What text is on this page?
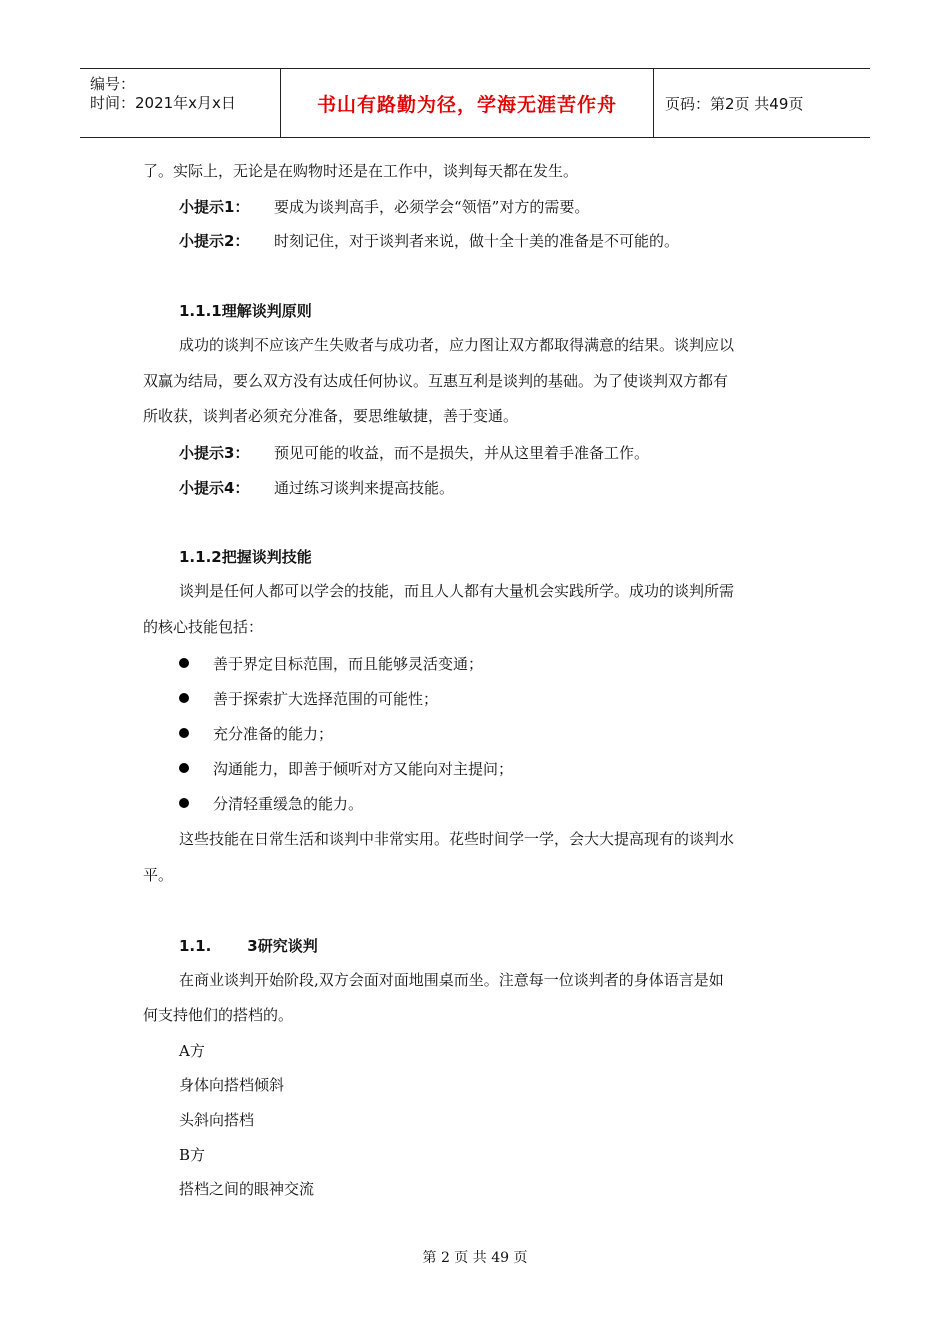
编号：
时间：2021年x月x日	书山有路勤为径，学海无涯苦作舟	页码：第2页 共49页
了。实际上，无论是在购物时还是在工作中，谈判每天都在发生。
小提示1： 要成为谈判高手，必须学会“领悟”对方的需要。
小提示2： 时刻记住，对于谈判者来说，做十全十美的准备是不可能的。
1.1.1理解谈判原则
成功的谈判不应该产生失败者与成功者，应力图让双方都取得满意的结果。谈判应以
双赢为结局，要么双方没有达成任何协议。互惠互利是谈判的基础。为了使谈判双方都有
所收获，谈判者必须充分准备，要思维敏捷，善于变通。
小提示3： 预见可能的收益，而不是损失，并从这里着手准备工作。
小提示4： 通过练习谈判来提高技能。
1.1.2把握谈判技能
谈判是任何人都可以学会的技能，而且人人都有大量机会实践所学。成功的谈判所需
的核心技能包括：
善于界定目标范围，而且能够灵活变通；
善于探索扩大选择范围的可能性；
充分准备的能力；
沟通能力，即善于倾听对方又能向对主提问；
分清轻重缓急的能力。
这些技能在日常生活和谈判中非常实用。花些时间学一学，会大大提高现有的谈判水
平。
1.1. 3研究谈判
在商业谈判开始阶段,双方会面对面地围桌而坐。注意每一位谈判者的身体语言是如
何支持他们的搭档的。
A方
身体向搭档倾斜
头斜向搭档
B方
搭档之间的眼神交流
第 2 页 共 49 页
